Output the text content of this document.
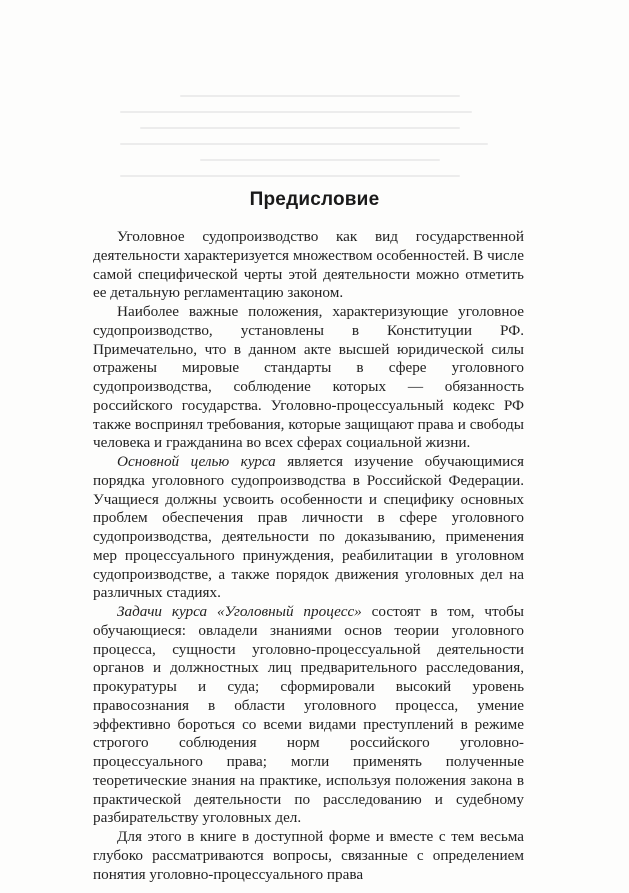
Предисловие

Уголовное судопроизводство как вид государственной деятельности характеризуется множеством особенностей. В числе самой специфической черты этой деятельности можно отметить ее детальную регламентацию законом.

Наиболее важные положения, характеризующие уголовное судопроизводство, установлены в Конституции РФ. Примечательно, что в данном акте высшей юридической силы отражены мировые стандарты в сфере уголовного судопроизводства, соблюдение которых — обязанность российского государства. Уголовно-процессуальный кодекс РФ также воспринял требования, которые защищают права и свободы человека и гражданина во всех сферах социальной жизни.

Основной целью курса является изучение обучающимися порядка уголовного судопроизводства в Российской Федерации. Учащиеся должны усвоить особенности и специфику основных проблем обеспечения прав личности в сфере уголовного судопроизводства, деятельности по доказыванию, применения мер процессуального принуждения, реабилитации в уголовном судопроизводстве, а также порядок движения уголовных дел на различных стадиях.

Задачи курса «Уголовный процесс» состоят в том, чтобы обучающиеся: овладели знаниями основ теории уголовного процесса, сущности уголовно-процессуальной деятельности органов и должностных лиц предварительного расследования, прокуратуры и суда; сформировали высокий уровень правосознания в области уголовного процесса, умение эффективно бороться со всеми видами преступлений в режиме строгого соблюдения норм российского уголовно-процессуального права; могли применять полученные теоретические знания на практике, используя положения закона в практической деятельности по расследованию и судебному разбирательству уголовных дел.

Для этого в книге в доступной форме и вместе с тем весьма глубоко рассматриваются вопросы, связанные с определением понятия уголовно-процессуального права
